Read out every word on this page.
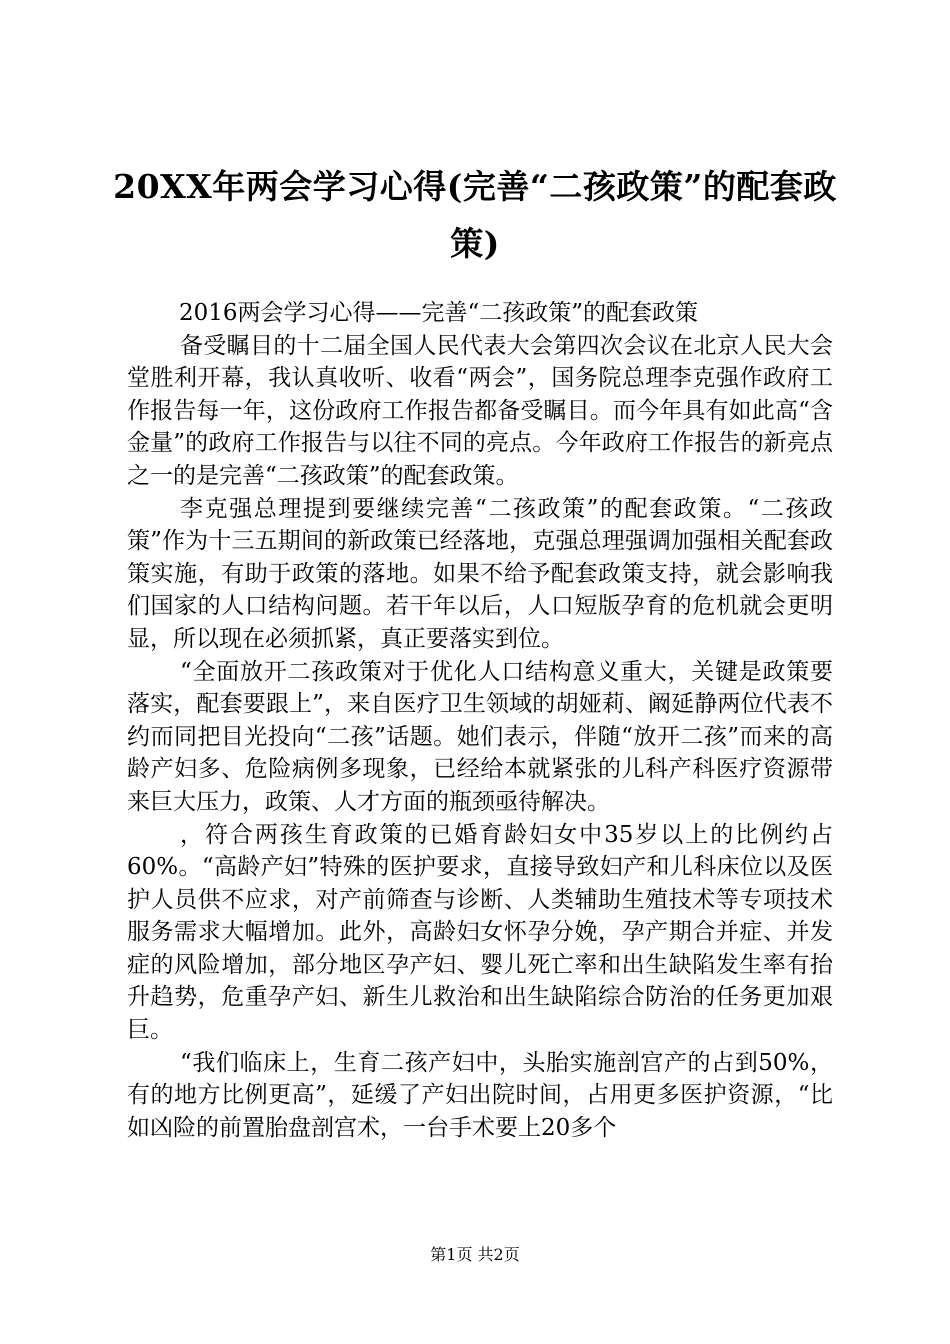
20XX年两会学习心得(完善“二孩政策”的配套政策)

2016两会学习心得——完善“二孩政策”的配套政策

备受瞩目的十二届全国人民代表大会第四次会议在北京人民大会堂胜利开幕，我认真收听、收看“两会”，国务院总理李克强作政府工作报告每一年，这份政府工作报告都备受瞩目。而今年具有如此高“含金量”的政府工作报告与以往不同的亮点。今年政府工作报告的新亮点之一的是完善“二孩政策”的配套政策。

李克强总理提到要继续完善“二孩政策”的配套政策。“二孩政策”作为十三五期间的新政策已经落地，克强总理强调加强相关配套政策实施，有助于政策的落地。如果不给予配套政策支持，就会影响我们国家的人口结构问题。若干年以后，人口短版孕育的危机就会更明显，所以现在必须抓紧，真正要落实到位。

“全面放开二孩政策对于优化人口结构意义重大，关键是政策要落实，配套要跟上”，来自医疗卫生领域的胡娅莉、阚延静两位代表不约而同把目光投向“二孩”话题。她们表示，伴随“放开二孩”而来的高龄产妇多、危险病例多现象，已经给本就紧张的儿科产科医疗资源带来巨大压力，政策、人才方面的瓶颈亟待解决。

，符合两孩生育政策的已婚育龄妇女中35岁以上的比例约占60%。“高龄产妇”特殊的医护要求，直接导致妇产和儿科床位以及医护人员供不应求，对产前筛查与诊断、人类辅助生殖技术等专项技术服务需求大幅增加。此外，高龄妇女怀孕分娩，孕产期合并症、并发症的风险增加，部分地区孕产妇、婴儿死亡率和出生缺陷发生率有抬升趋势，危重孕产妇、新生儿救治和出生缺陷综合防治的任务更加艰巨。

“我们临床上，生育二孩产妇中，头胎实施剖宫产的占到50%，有的地方比例更高”，延缓了产妇出院时间，占用更多医护资源，“比如凶险的前置胎盘剖宫术，一台手术要上20多个

第1页 共2页
